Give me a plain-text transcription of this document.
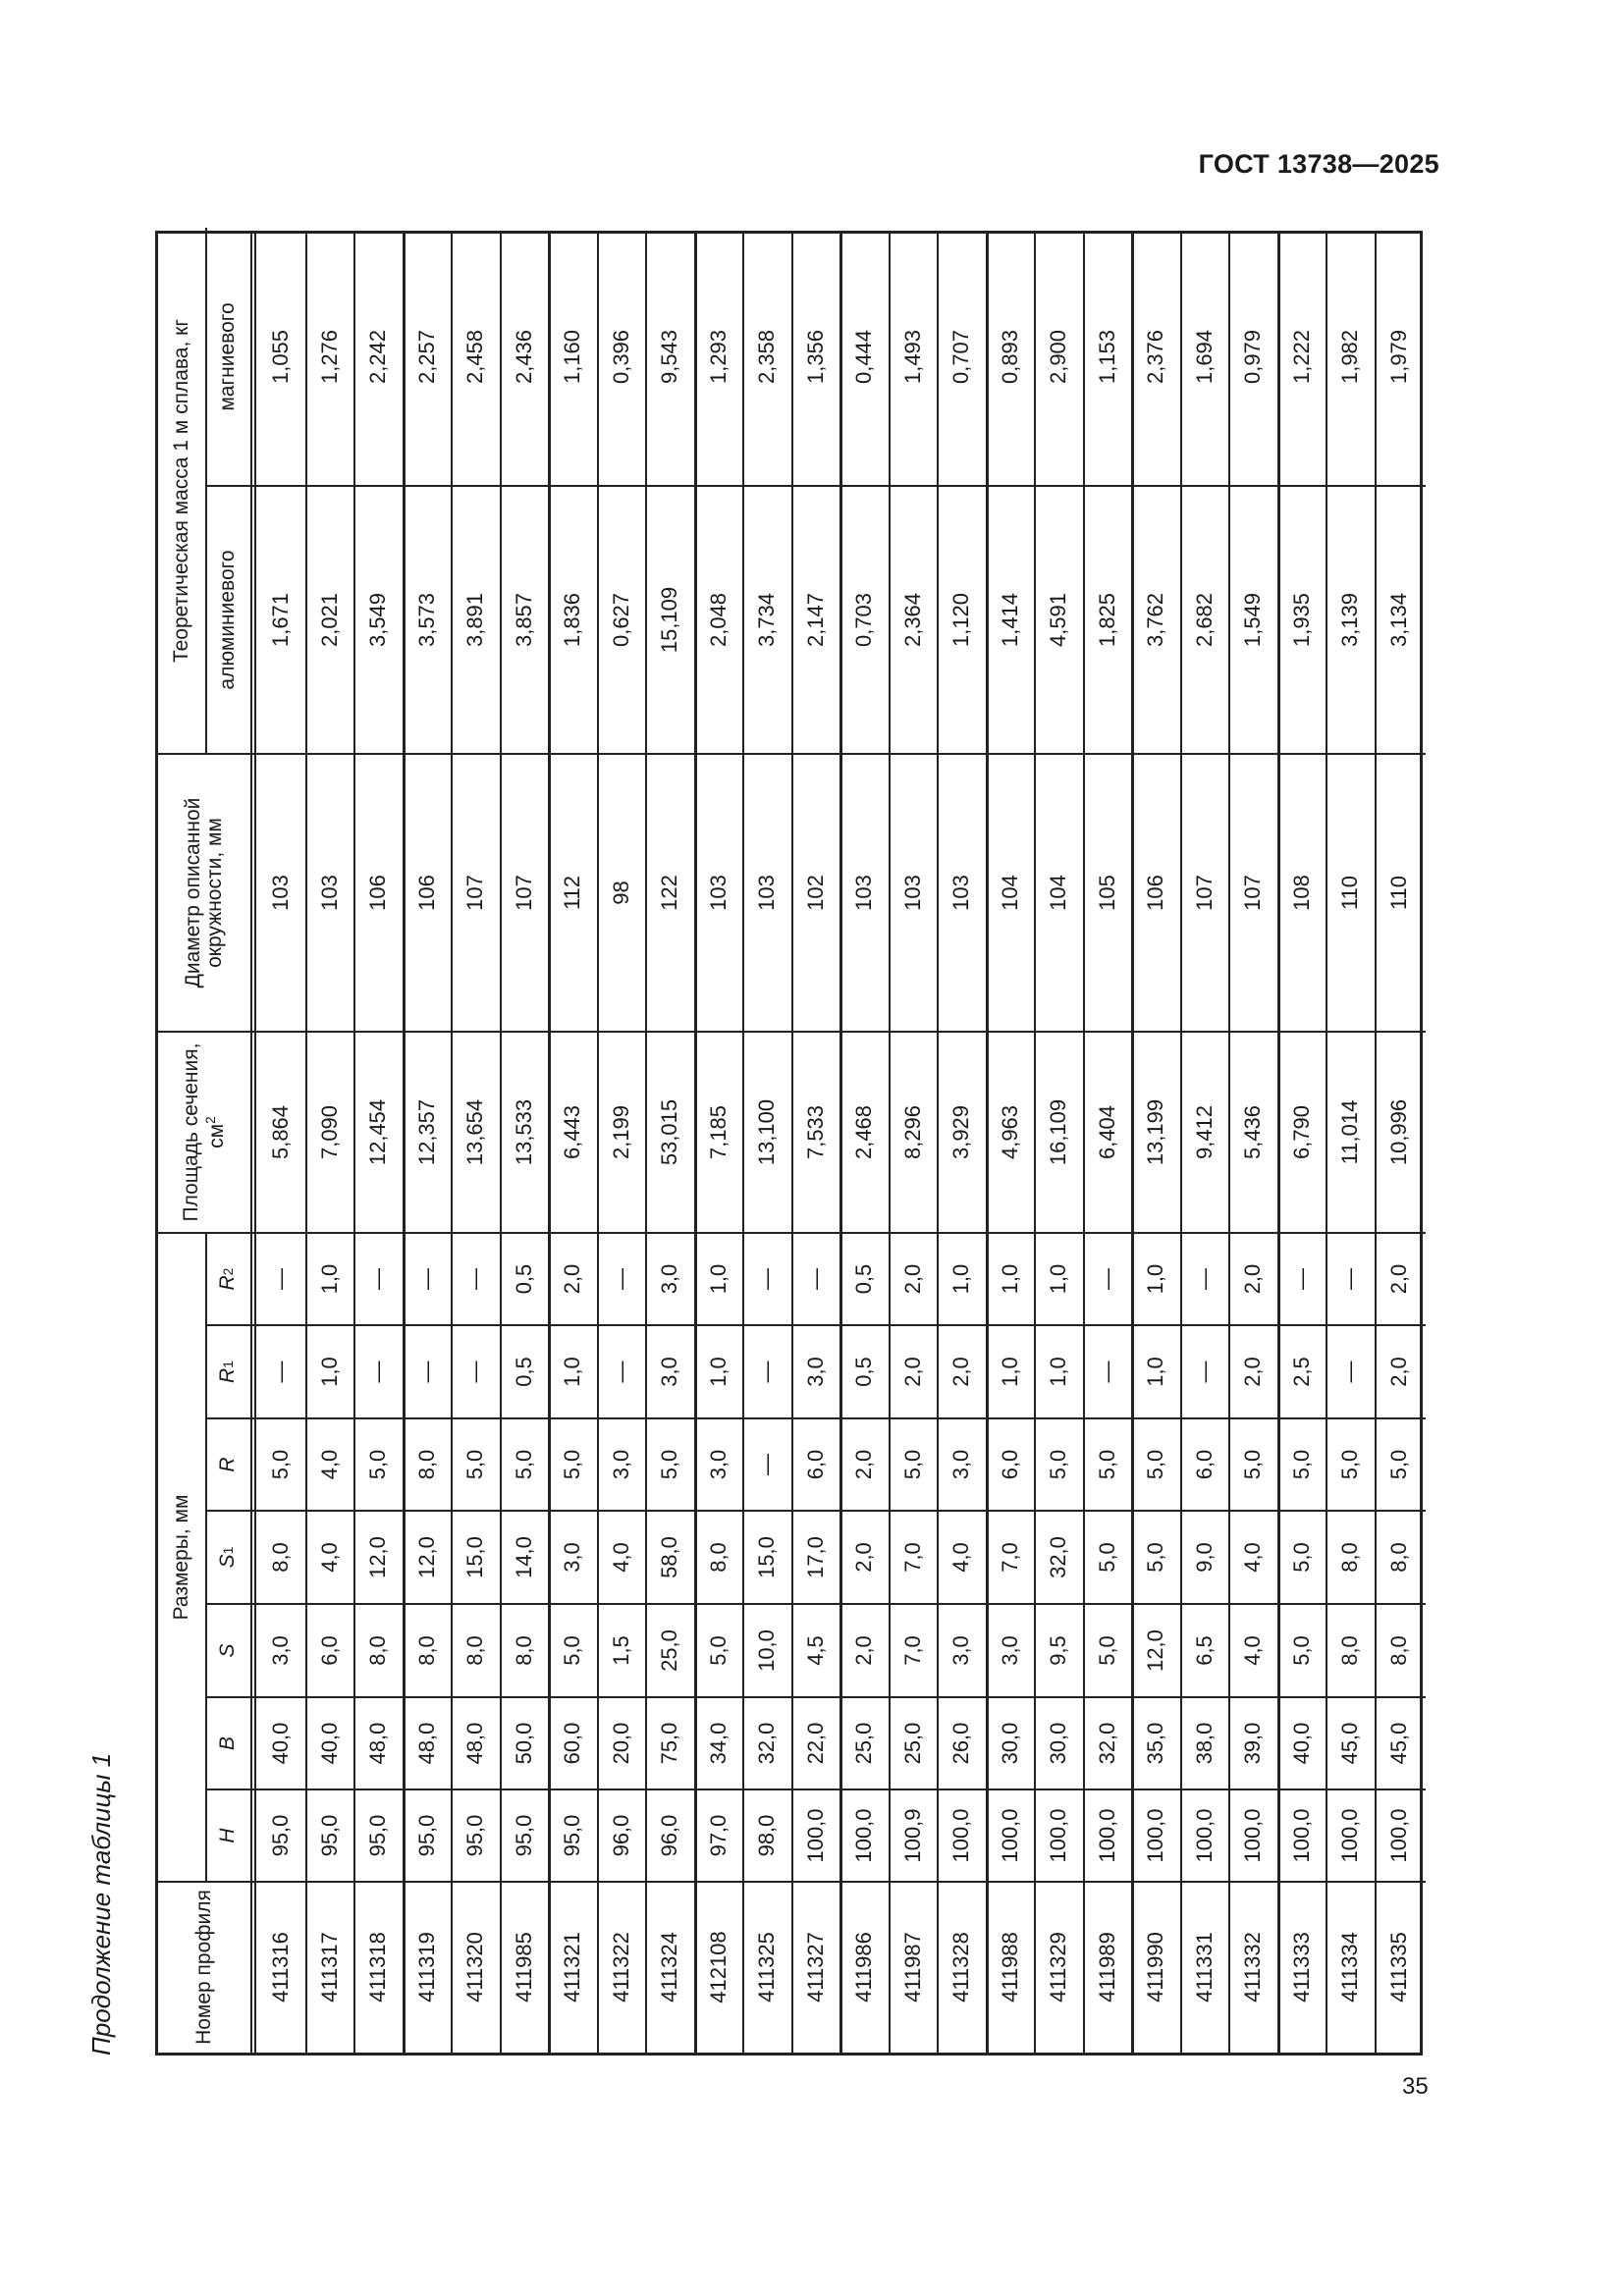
ГОСТ 13738—2025
Продолжение таблицы 1	Номер профиля
Размеры, мм
Площадь сечения, $см^2$
Диаметр описанной окружности, мм
Теоретическая масса 1 м сплава, кг	алюминиевого
магниевого
H
B
S
S
1
R
R
1
R
2
411316
95,0
40,0
3,0
8,0
5,0
—
—
5,864
103
1,671
1,055
411317
95,0
40,0
6,0
4,0
4,0
1,0
1,0
7,090
103
2,021
1,276
411318
95,0
48,0
8,0
12,0
5,0
—
—
12,454
106
3,549
2,242
411319
95,0
48,0
8,0
12,0
8,0
—
—
12,357
106
3,573
2,257
411320
95,0
48,0
8,0
15,0
5,0
—
—
13,654
107
3,891
2,458
411985
95,0
50,0
8,0
14,0
5,0
0,5
0,5
13,533
107
3,857
2,436
411321
95,0
60,0
5,0
3,0
5,0
1,0
2,0
6,443
112
1,836
1,160
411322
96,0
20,0
1,5
4,0
3,0
—
—
2,199
98
0,627
0,396
411324
96,0
75,0
25,0
58,0
5,0
3,0
3,0
53,015
122
15,109
9,543
412108
97,0
34,0
5,0
8,0
3,0
1,0
1,0
7,185
103
2,048
1,293
411325
98,0
32,0
10,0
15,0
—
—
—
13,100
103
3,734
2,358
411327
100,0
22,0
4,5
17,0
6,0
3,0
—
7,533
102
2,147
1,356
411986
100,0
25,0
2,0
2,0
2,0
0,5
0,5
2,468
103
0,703
0,444
411987
100,9
25,0
7,0
7,0
5,0
2,0
2,0
8,296
103
2,364
1,493
411328
100,0
26,0
3,0
4,0
3,0
2,0
1,0
3,929
103
1,120
0,707
411988
100,0
30,0
3,0
7,0
6,0
1,0
1,0
4,963
104
1,414
0,893
411329
100,0
30,0
9,5
32,0
5,0
1,0
1,0
16,109
104
4,591
2,900
411989
100,0
32,0
5,0
5,0
5,0
—
—
6,404
105
1,825
1,153
411990
100,0
35,0
12,0
5,0
5,0
1,0
1,0
13,199
106
3,762
2,376
411331
100,0
38,0
6,5
9,0
6,0
—
—
9,412
107
2,682
1,694
411332
100,0
39,0
4,0
4,0
5,0
2,0
2,0
5,436
107
1,549
0,979
411333
100,0
40,0
5,0
5,0
5,0
2,5
—
6,790
108
1,935
1,222
411334
100,0
45,0
8,0
8,0
5,0
—
—
11,014
110
3,139
1,982
411335
100,0
45,0
8,0
8,0
5,0
2,0
2,0
10,996
110
3,134
1,979
35
